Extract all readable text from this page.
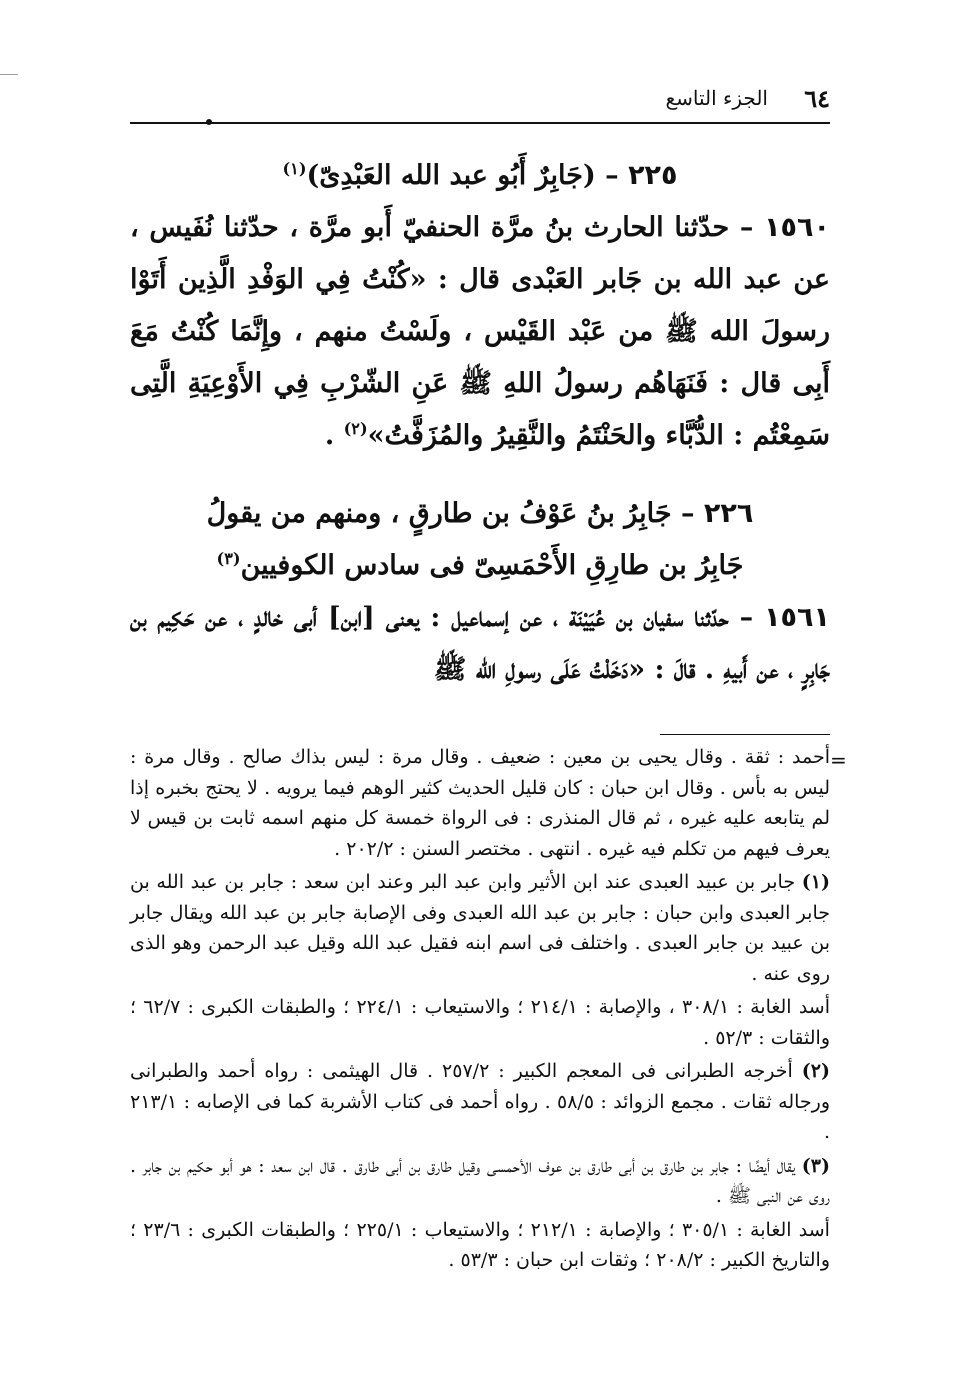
٦٤
الجزء التاسع

٢٢٥ – (جَابِرٌ أَبُو عبد الله العَبْدِىّ)$^{(١)}$

١٥٦٠ – حدّثنا الحارث بنُ مرَّة الحنفيّ أَبو مرَّة ، حدّثنا نُفَيس ، عن عبد الله بن جَابر العَبْدى قال : «كُنْتُ فِي الوَفْدِ الَّذِين أَتَوْا رسولَ الله ﷺ من عَبْد القَيْس ، ولَسْتُ منهم ، وإِنَّمَا كُنْتُ مَعَ أَبِى قال : فَنَهَاهُم رسولُ اللهِ ﷺ عَنِ الشّرْبِ فِي الأَوْعِيَةِ الَّتِى سَمِعْتُم : الدُّبَّاء والحَنْتَمُ والنَّقِيرُ والمُزَفَّتُ»$^{(٢)}$ .

٢٢٦ – جَابِرُ بنُ عَوْفُ بن طارقٍ ، ومنهم من يقولُ

جَابِرُ بن طارِقِ الأَحْمَسِىّ فى سادس الكوفيين$^{(٣)}$

١٥٦١ – حدّثنا سفيان بن عُيَيْنَة ، عن إسماعيل : يعنى [ابن] أبى خالدٍ ، عن حَكِيم بن جَابِرٍ ، عن أَبيهِ . قالَ : «دَخَلْتُ عَلَى رسولِ الله ﷺ

=

أحمد : ثقة . وقال يحيى بن معين : ضعيف . وقال مرة : ليس بذاك صالح . وقال مرة : ليس به بأس . وقال ابن حبان : كان قليل الحديث كثير الوهم فيما يرويه . لا يحتج بخبره إذا لم يتابعه عليه غيره ، ثم قال المنذرى : فى الرواة خمسة كل منهم اسمه ثابت بن قيس لا يعرف فيهم من تكلم فيه غيره . انتهى . مختصر السنن : ٢٠٢/٢ .

(١) جابر بن عبيد العبدى عند ابن الأثير وابن عبد البر وعند ابن سعد : جابر بن عبد الله بن جابر العبدى وابن حبان : جابر بن عبد الله العبدى وفى الإصابة جابر بن عبد الله ويقال جابر بن عبيد بن جابر العبدى . واختلف فى اسم ابنه فقيل عبد الله وقيل عبد الرحمن وهو الذى روى عنه .

أسد الغابة : ٣٠٨/١ ، والإصابة : ٢١٤/١ ؛ والاستيعاب : ٢٢٤/١ ؛ والطبقات الكبرى : ٦٢/٧ ؛ والثقات : ٥٢/٣ .

(٢) أخرجه الطبرانى فى المعجم الكبير : ٢٥٧/٢ . قال الهيثمى : رواه أحمد والطبرانى ورجاله ثقات . مجمع الزوائد : ٥٨/٥ . رواه أحمد فى كتاب الأشربة كما فى الإصابه : ٢١٣/١ .

(٣) يقال أيضًا : جابر بن طارق بن أبى طارق بن عوف الأحمسى وقيل طارق بن أبى طارق . قال ابن سعد : هو أبو حكيم بن جابر . روى عن النبى ﷺ .

أسد الغابة : ٣٠٥/١ ؛ والإصابة : ٢١٢/١ ؛ والاستيعاب : ٢٢٥/١ ؛ والطبقات الكبرى : ٢٣/٦ ؛ والتاريخ الكبير : ٢٠٨/٢ ؛ وثقات ابن حبان : ٥٣/٣ .
